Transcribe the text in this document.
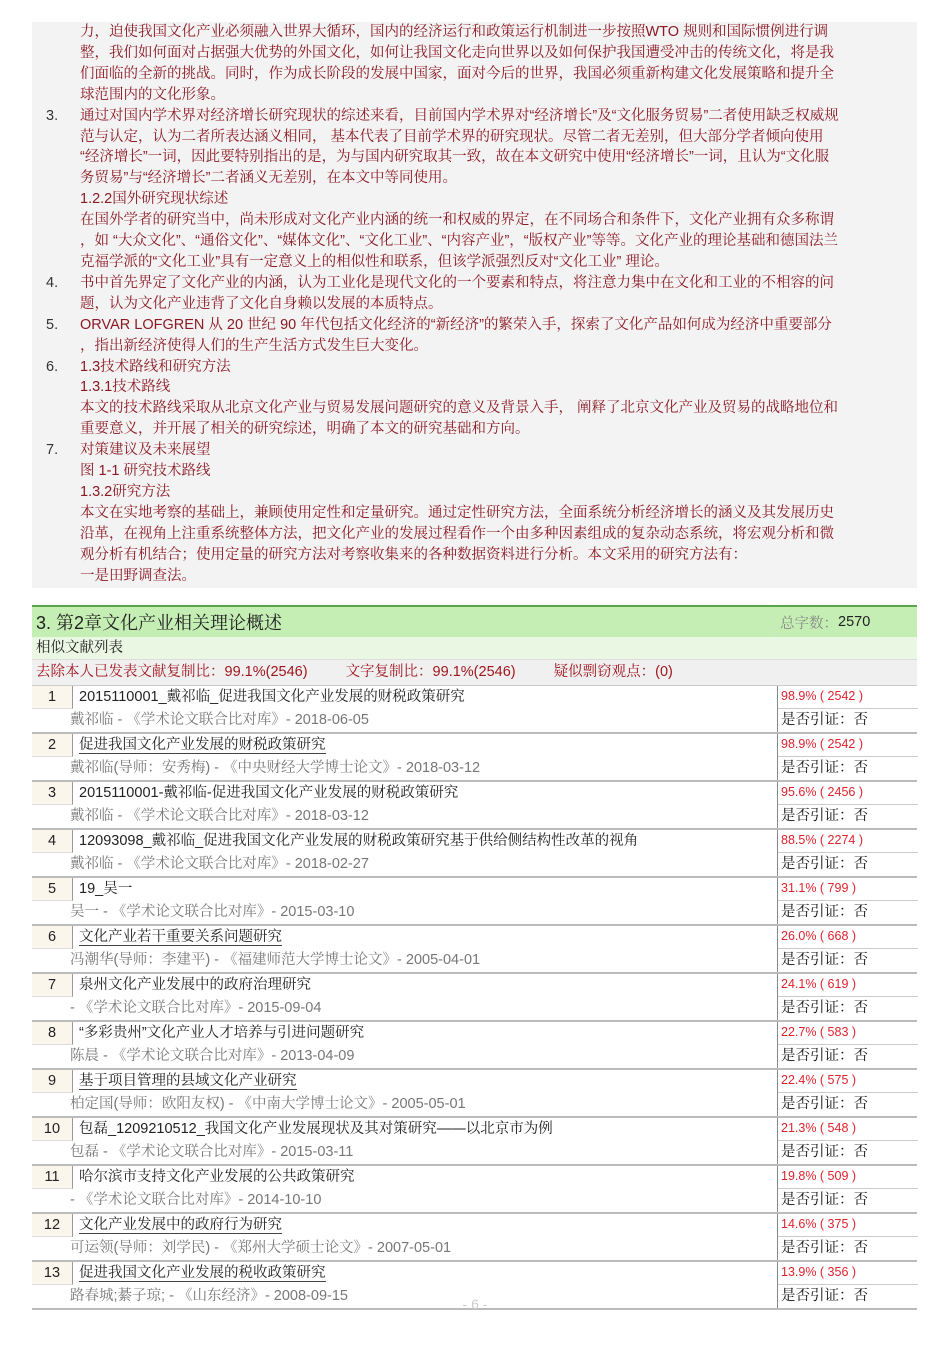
力，迫使我国文化产业必须融入世界大循环，国内的经济运行和政策运行机制进一步按照WTO 规则和国际惯例进行调
整，我们如何面对占据强大优势的外国文化，如何让我国文化走向世界以及如何保护我国遭受冲击的传统文化，将是我
们面临的全新的挑战。同时，作为成长阶段的发展中国家，面对今后的世界，我国必须重新构建文化发展策略和提升全
球范围内的文化形象。
3. 通过对国内学术界对经济增长研究现状的综述来看，目前国内学术界对“经济增长”及“文化服务贸易”二者使用缺乏权威规
范与认定，认为二者所表达涵义相同， 基本代表了目前学术界的研究现状。尽管二者无差别，但大部分学者倾向使用
“经济增长”一词，因此要特别指出的是，为与国内研究取其一致，故在本文研究中使用“经济增长”一词，且认为“文化服
务贸易”与“经济增长”二者涵义无差别，在本文中等同使用。
1.2.2国外研究现状综述
在国外学者的研究当中，尚未形成对文化产业内涵的统一和权威的界定，在不同场合和条件下，文化产业拥有众多称谓
，如 “大众文化”、“通俗文化”、“媒体文化”、“文化工业”、“内容产业”，“版权产业”等等。文化产业的理论基础和德国法兰
克福学派的“文化工业”具有一定意义上的相似性和联系，但该学派强烈反对“文化工业” 理论。
4. 书中首先界定了文化产业的内涵，认为工业化是现代文化的一个要素和特点，将注意力集中在文化和工业的不相容的问
题，认为文化产业违背了文化自身赖以发展的本质特点。
5. ORVAR LOFGREN 从 20 世纪 90 年代包括文化经济的“新经济”的繁荣入手，探索了文化产品如何成为经济中重要部分
，指出新经济使得人们的生产生活方式发生巨大变化。
6. 1.3技术路线和研究方法
1.3.1技术路线
本文的技术路线采取从北京文化产业与贸易发展问题研究的意义及背景入手， 阐释了北京文化产业及贸易的战略地位和
重要意义，并开展了相关的研究综述，明确了本文的研究基础和方向。
7. 对策建议及未来展望
图 1-1 研究技术路线
1.3.2研究方法
本文在实地考察的基础上，兼顾使用定性和定量研究。通过定性研究方法，全面系统分析经济增长的涵义及其发展历史
沿革，在视角上注重系统整体方法，把文化产业的发展过程看作一个由多种因素组成的复杂动态系统，将宏观分析和微
观分析有机结合；使用定量的研究方法对考察收集来的各种数据资料进行分析。本文采用的研究方法有：
一是田野调查法。
3. 第2章文化产业相关理论概述	总字数： 2570
相似文献列表
去除本人已发表文献复制比：99.1%(2546)	文字复制比：99.1%(2546)	疑似剽窃观点：(0)
1	2015110001_戴祁临_促进我国文化产业发展的财税政策研究
戴祁临 - 《学术论文联合比对库》- 2018-06-05
98.9% ( 2542 )
是否引证：否
2	促进我国文化产业发展的财税政策研究
戴祁临(导师：安秀梅) - 《中央财经大学博士论文》- 2018-03-12
98.9% ( 2542 )
是否引证：否
3	2015110001-戴祁临-促进我国文化产业发展的财税政策研究
戴祁临 - 《学术论文联合比对库》- 2018-03-12
95.6% ( 2456 )
是否引证：否
4	12093098_戴祁临_促进我国文化产业发展的财税政策研究基于供给侧结构性改革的视角
戴祁临 - 《学术论文联合比对库》- 2018-02-27
88.5% ( 2274 )
是否引证：否
5	19_吴一
吴一 - 《学术论文联合比对库》- 2015-03-10
31.1% ( 799 )
是否引证：否
6	文化产业若干重要关系问题研究
冯潮华(导师：李建平) - 《福建师范大学博士论文》- 2005-04-01
26.0% ( 668 )
是否引证：否
7	泉州文化产业发展中的政府治理研究
- 《学术论文联合比对库》- 2015-09-04
24.1% ( 619 )
是否引证：否
8	“多彩贵州”文化产业人才培养与引进问题研究
陈晨 - 《学术论文联合比对库》- 2013-04-09
22.7% ( 583 )
是否引证：否
9	基于项目管理的县域文化产业研究
柏定国(导师：欧阳友权) - 《中南大学博士论文》- 2005-05-01
22.4% ( 575 )
是否引证：否
10	包磊_1209210512_我国文化产业发展现状及其对策研究——以北京市为例
包磊 - 《学术论文联合比对库》- 2015-03-11
21.3% ( 548 )
是否引证：否
11	哈尔滨市支持文化产业发展的公共政策研究
- 《学术论文联合比对库》- 2014-10-10
19.8% ( 509 )
是否引证：否
12	文化产业发展中的政府行为研究
可运领(导师：刘学民) - 《郑州大学硕士论文》- 2007-05-01
14.6% ( 375 )
是否引证：否
13	促进我国文化产业发展的税收政策研究
路春城;綦子琼; - 《山东经济》- 2008-09-15
13.9% ( 356 )
是否引证：否
- 6 -
